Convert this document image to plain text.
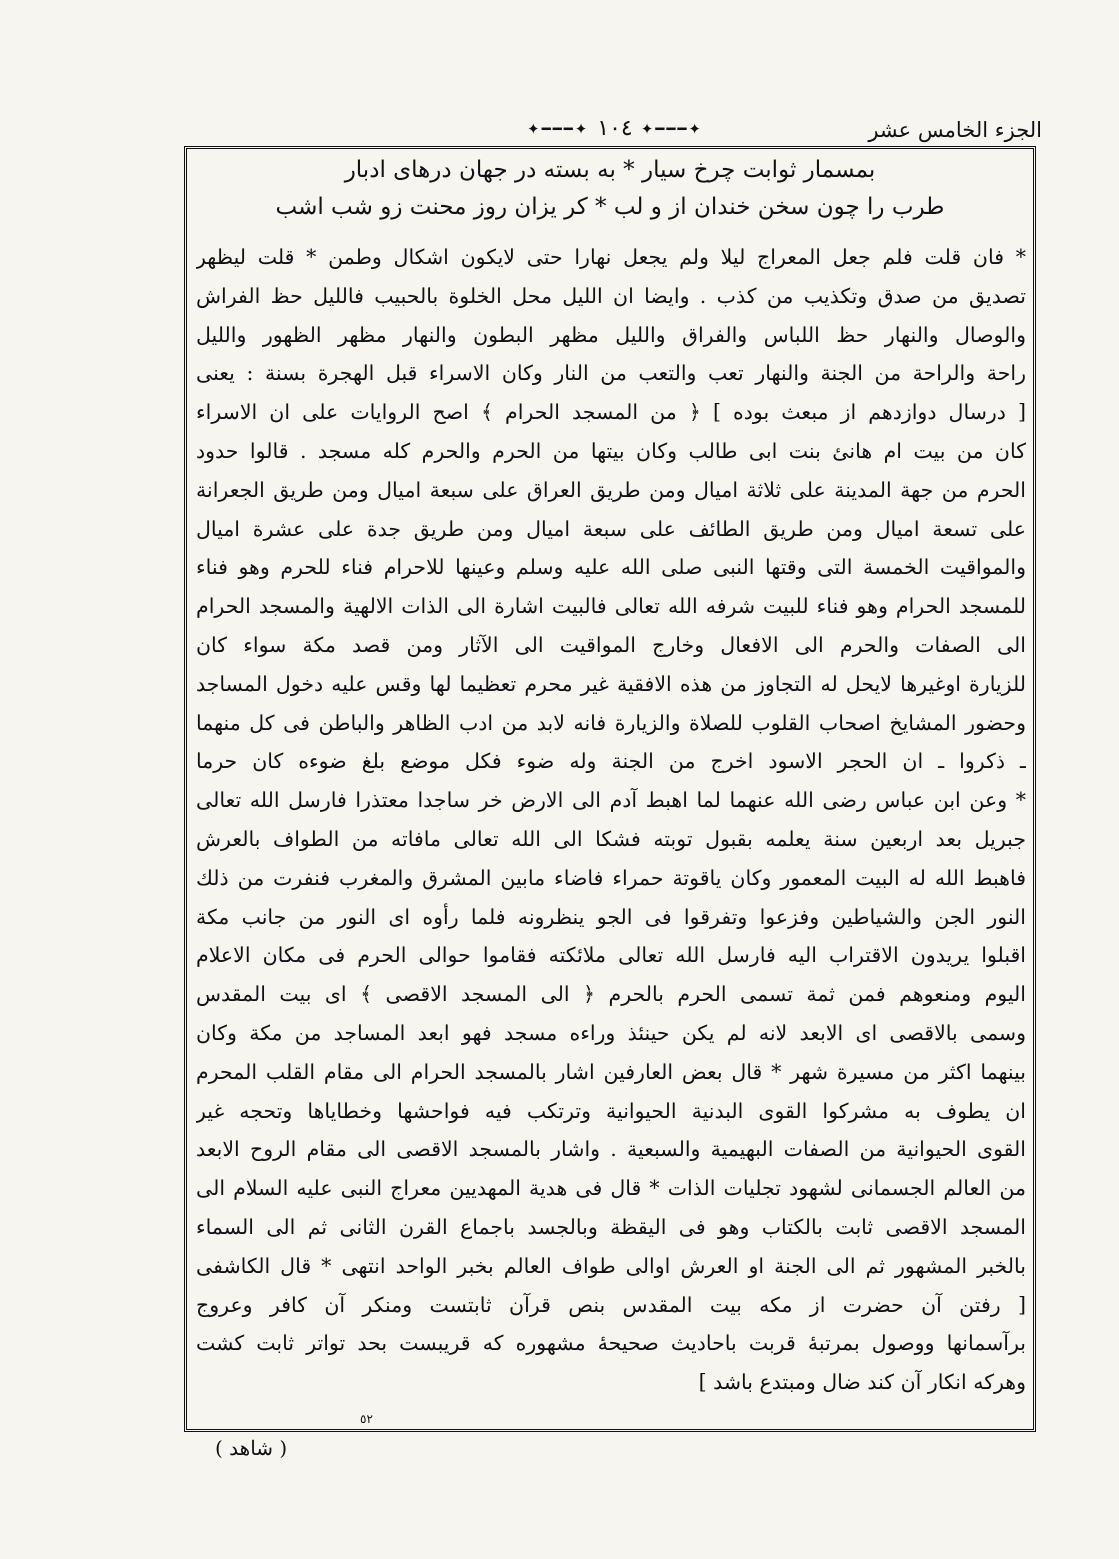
الجزء الخامس عشر
✦━━━✦١٠٤✦━━━✦
بمسمار ثوابت چرخ سيار * به بسته در جهان درهای ادبار
طرب را چون سخن خندان از و لب * کر یزان روز محنت زو شب اشب
* فان قلت فلم جعل المعراج ليلا ولم يجعل نهارا حتى لايكون اشكال وطمن * قلت ليظهر
تصديق من صدق وتكذيب من كذب . وايضا ان الليل محل الخلوة بالحبيب فالليل حظ الفراش
والوصال والنهار حظ اللباس والفراق والليل مظهر البطون والنهار مظهر الظهور والليل
راحة والراحة من الجنة والنهار تعب والتعب من النار وكان الاسراء قبل الهجرة بسنة : يعنى
[ درسال دوازدهم از مبعث بوده ] ﴿ من المسجد الحرام ﴾ اصح الروايات على ان الاسراء
كان من بيت ام هانئ بنت ابى طالب وكان بيتها من الحرم والحرم كله مسجد . قالوا حدود
الحرم من جهة المدينة على ثلاثة اميال ومن طريق العراق على سبعة اميال ومن طريق الجعرانة
على تسعة اميال ومن طريق الطائف على سبعة اميال ومن طريق جدة على عشرة اميال
والمواقيت الخمسة التى وقتها النبى صلى الله عليه وسلم وعينها للاحرام فناء للحرم وهو فناء
للمسجد الحرام وهو فناء للبيت شرفه الله تعالى فالبيت اشارة الى الذات الالهية والمسجد الحرام
الى الصفات والحرم الى الافعال وخارج المواقيت الى الآثار ومن قصد مكة سواء كان
للزيارة اوغيرها لايحل له التجاوز من هذه الافقية غير محرم تعظيما لها وقس عليه دخول المساجد
وحضور المشايخ اصحاب القلوب للصلاة والزيارة فانه لابد من ادب الظاهر والباطن فى كل منهما
ـ ذكروا ـ ان الحجر الاسود اخرج من الجنة وله ضوء فكل موضع بلغ ضوءه كان حرما
* وعن ابن عباس رضى الله عنهما لما اهبط آدم الى الارض خر ساجدا معتذرا فارسل الله تعالى
جبريل بعد اربعين سنة يعلمه بقبول توبته فشكا الى الله تعالى مافاته من الطواف بالعرش
فاهبط الله له البيت المعمور وكان ياقوتة حمراء فاضاء مابين المشرق والمغرب فنفرت من ذلك
النور الجن والشياطين وفزعوا وتفرقوا فى الجو ينظرونه فلما رأوه اى النور من جانب مكة
اقبلوا يريدون الاقتراب اليه فارسل الله تعالى ملائكته فقاموا حوالى الحرم فى مكان الاعلام
اليوم ومنعوهم فمن ثمة تسمى الحرم بالحرم ﴿ الى المسجد الاقصى ﴾ اى بيت المقدس
وسمى بالاقصى اى الابعد لانه لم يكن حينئذ وراءه مسجد فهو ابعد المساجد من مكة وكان
بينهما اكثر من مسيرة شهر * قال بعض العارفين اشار بالمسجد الحرام الى مقام القلب المحرم
ان يطوف به مشركوا القوى البدنية الحيوانية وترتكب فيه فواحشها وخطاياها وتحجه غير
القوى الحيوانية من الصفات البهيمية والسبعية . واشار بالمسجد الاقصى الى مقام الروح الابعد
من العالم الجسمانى لشهود تجليات الذات * قال فى هدية المهديين معراج النبى عليه السلام الى
المسجد الاقصى ثابت بالكتاب وهو فى اليقظة وبالجسد باجماع القرن الثانى ثم الى السماء
بالخبر المشهور ثم الى الجنة او العرش اوالى طواف العالم بخبر الواحد انتهى * قال الكاشفى
[ رفتن آن حضرت از مكه بيت المقدس بنص قرآن ثابتست ومنكر آن كافر وعروج
برآسمانها ووصول بمرتبهٔ قربت باحاديث صحيحهٔ مشهوره كه قريبست بحد تواتر ثابت كشت
وهركه انكار آن كند ضال ومبتدع باشد ]
٥٢
( شاهد )
